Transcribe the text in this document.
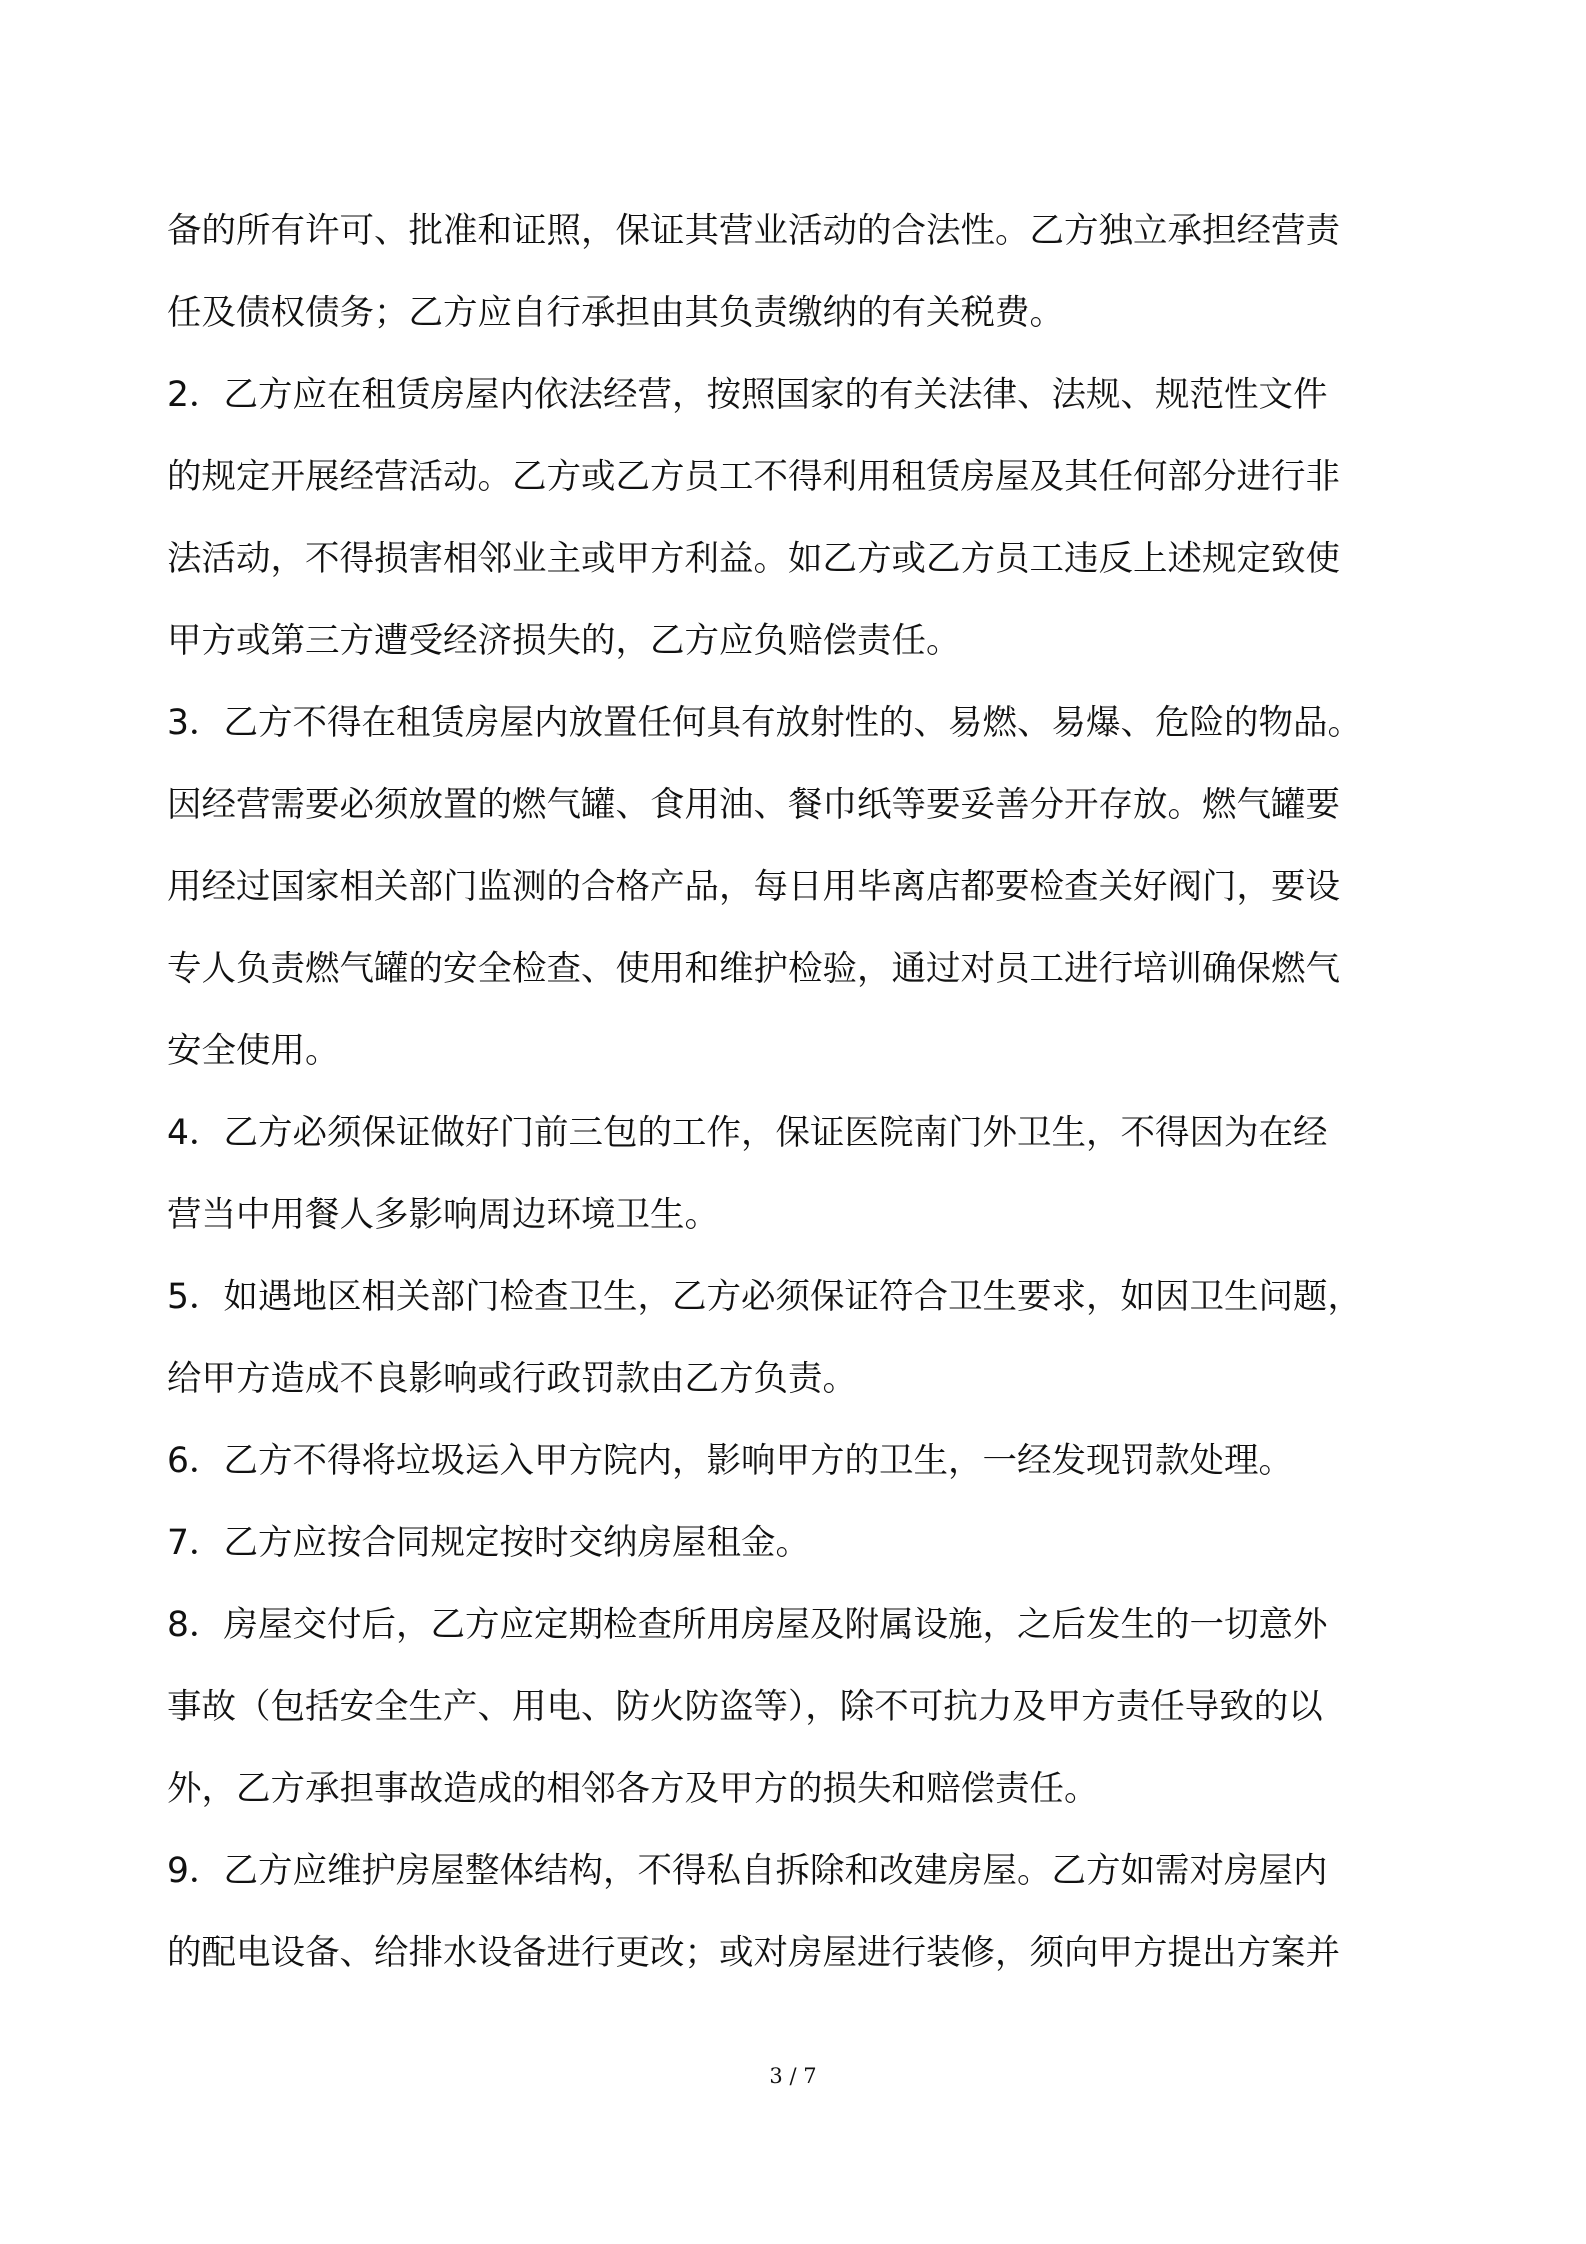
备的所有许可、批准和证照，保证其营业活动的合法性。乙方独立承担经营责
任及债权债务；乙方应自行承担由其负责缴纳的有关税费。
2．乙方应在租赁房屋内依法经营，按照国家的有关法律、法规、规范性文件
的规定开展经营活动。乙方或乙方员工不得利用租赁房屋及其任何部分进行非
法活动，不得损害相邻业主或甲方利益。如乙方或乙方员工违反上述规定致使
甲方或第三方遭受经济损失的，乙方应负赔偿责任。
3．乙方不得在租赁房屋内放置任何具有放射性的、易燃、易爆、危险的物品。
因经营需要必须放置的燃气罐、食用油、餐巾纸等要妥善分开存放。燃气罐要
用经过国家相关部门监测的合格产品，每日用毕离店都要检查关好阀门，要设
专人负责燃气罐的安全检查、使用和维护检验，通过对员工进行培训确保燃气
安全使用。
4．乙方必须保证做好门前三包的工作，保证医院南门外卫生，不得因为在经
营当中用餐人多影响周边环境卫生。
5．如遇地区相关部门检查卫生，乙方必须保证符合卫生要求，如因卫生问题，
给甲方造成不良影响或行政罚款由乙方负责。
6．乙方不得将垃圾运入甲方院内，影响甲方的卫生，一经发现罚款处理。
7．乙方应按合同规定按时交纳房屋租金。
8．房屋交付后，乙方应定期检查所用房屋及附属设施，之后发生的一切意外
事故（包括安全生产、用电、防火防盗等），除不可抗力及甲方责任导致的以
外，乙方承担事故造成的相邻各方及甲方的损失和赔偿责任。
9．乙方应维护房屋整体结构，不得私自拆除和改建房屋。乙方如需对房屋内
的配电设备、给排水设备进行更改；或对房屋进行装修，须向甲方提出方案并
3 / 7
